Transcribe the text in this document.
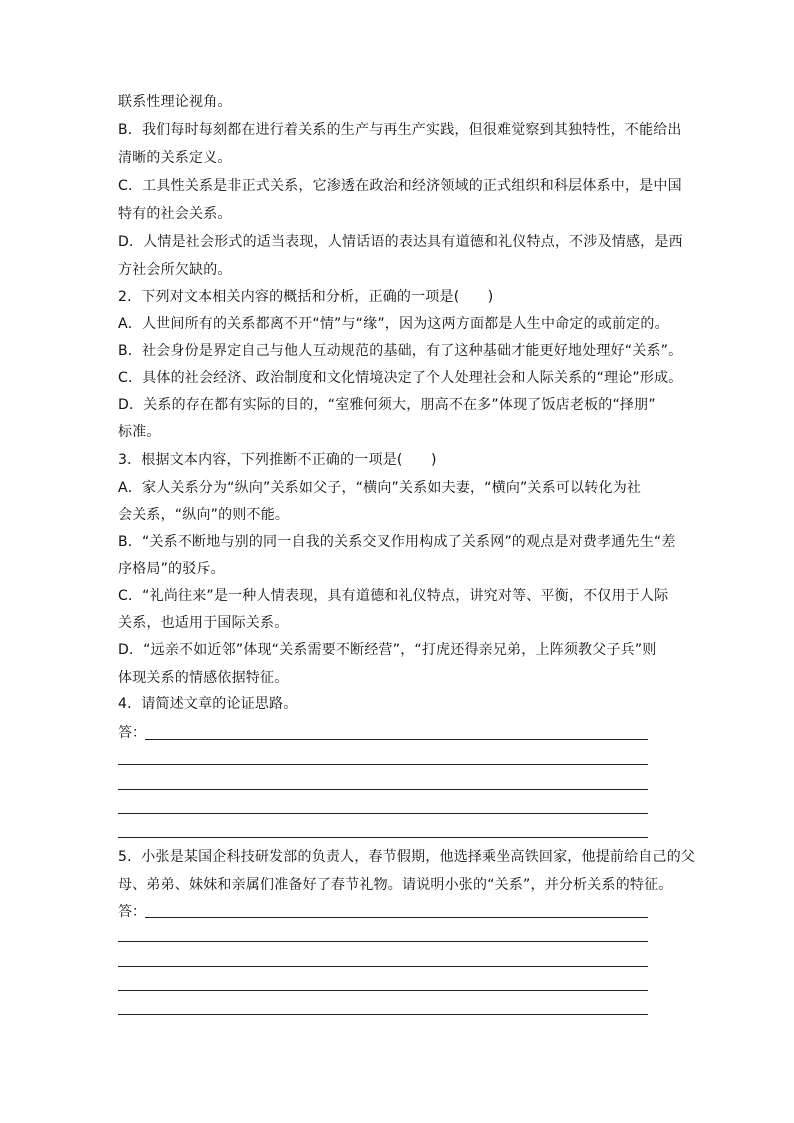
联系性理论视角。
B．我们每时每刻都在进行着关系的生产与再生产实践，但很难觉察到其独特性，不能给出
清晰的关系定义。
C．工具性关系是非正式关系，它渗透在政治和经济领域的正式组织和科层体系中，是中国
特有的社会关系。
D．人情是社会形式的适当表现，人情话语的表达具有道德和礼仪特点，不涉及情感，是西
方社会所欠缺的。
2．下列对文本相关内容的概括和分析，正确的一项是(　　)
A．人世间所有的关系都离不开“情”与“缘”，因为这两方面都是人生中命定的或前定的。
B．社会身份是界定自己与他人互动规范的基础，有了这种基础才能更好地处理好“关系”。
C．具体的社会经济、政治制度和文化情境决定了个人处理社会和人际关系的“理论”形成。
D．关系的存在都有实际的目的，“室雅何须大，朋高不在多”体现了饭店老板的“择朋”
标准。
3．根据文本内容，下列推断不正确的一项是(　　)
A．家人关系分为“纵向”关系如父子，“横向”关系如夫妻，“横向”关系可以转化为社
会关系，“纵向”的则不能。
B．“关系不断地与别的同一自我的关系交叉作用构成了关系网”的观点是对费孝通先生“差
序格局”的驳斥。
C．“礼尚往来”是一种人情表现，具有道德和礼仪特点，讲究对等、平衡，不仅用于人际
关系，也适用于国际关系。
D．“远亲不如近邻”体现“关系需要不断经营”，“打虎还得亲兄弟，上阵须教父子兵”则
体现关系的情感依据特征。
4．请简述文章的论证思路。
答：
5．小张是某国企科技研发部的负责人，春节假期，他选择乘坐高铁回家，他提前给自己的父
母、弟弟、妹妹和亲属们准备好了春节礼物。请说明小张的“关系”，并分析关系的特征。
答：
